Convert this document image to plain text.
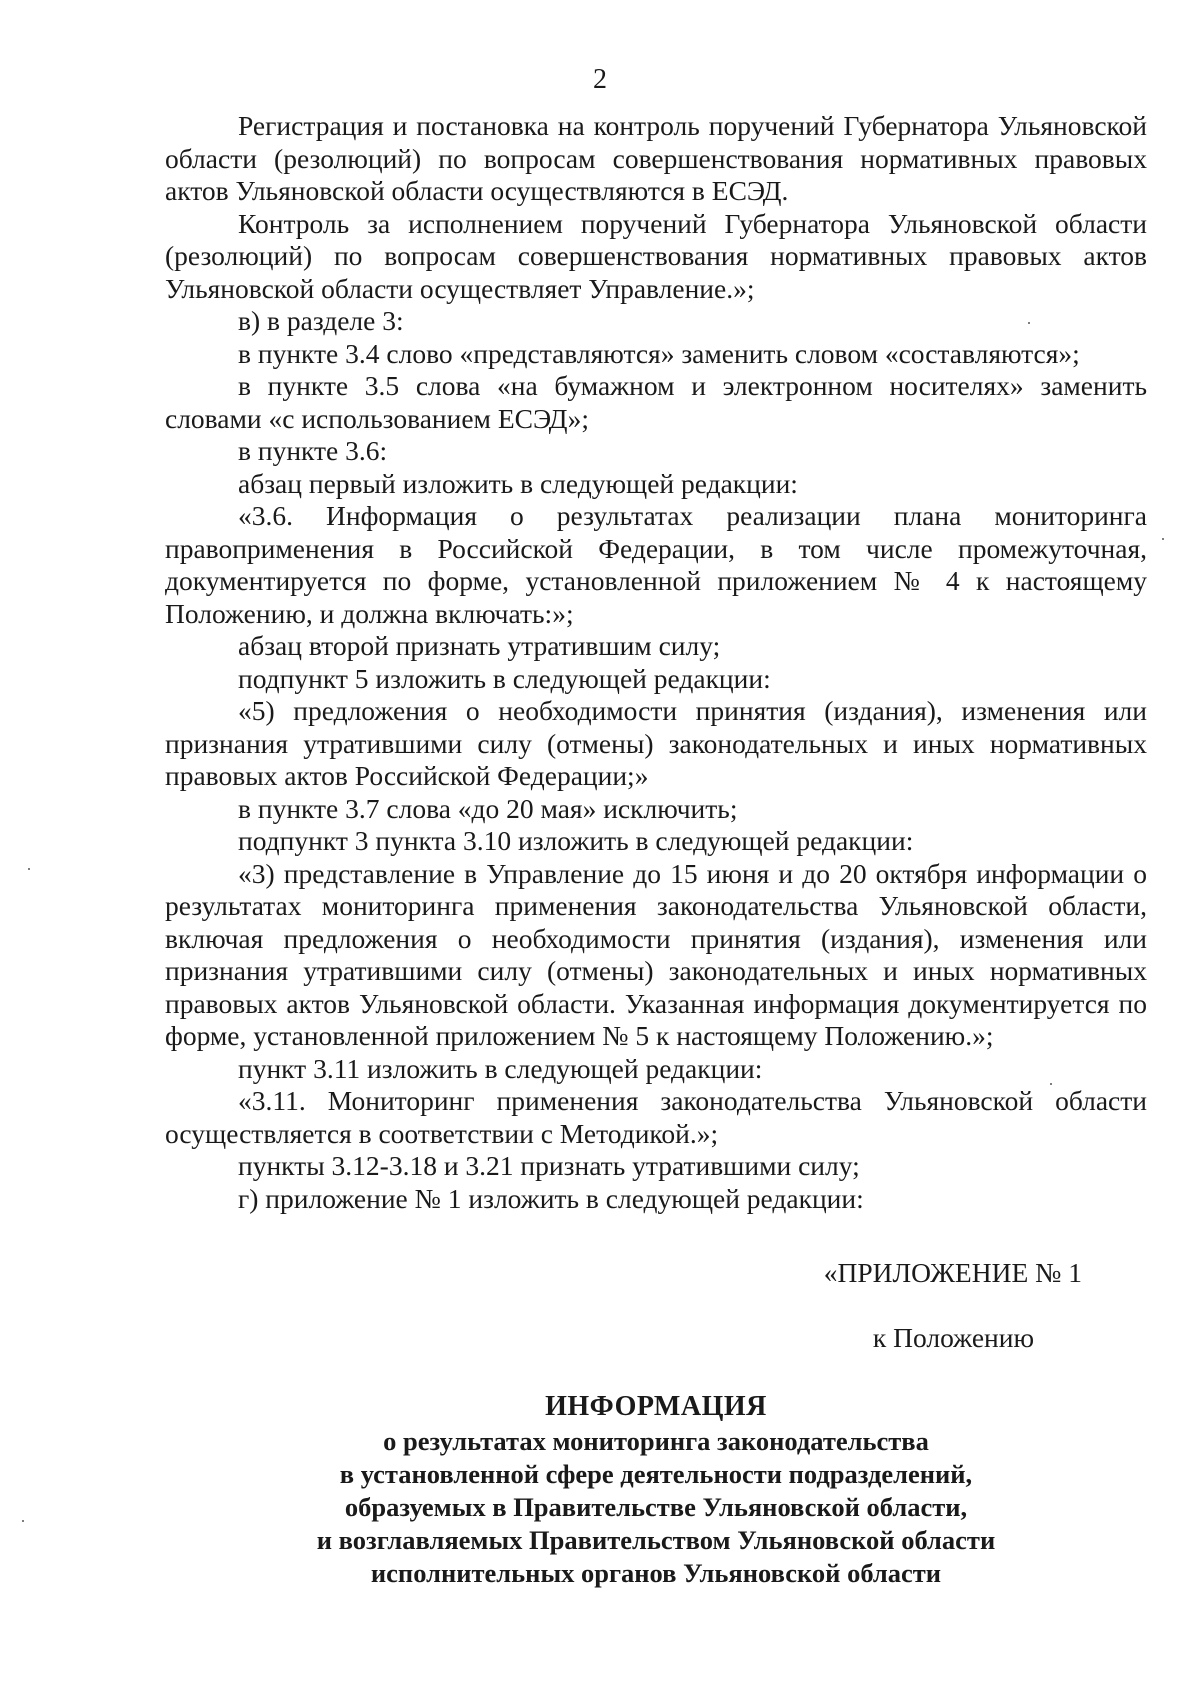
2

Регистрация и постановка на контроль поручений Губернатора Ульяновской области (резолюций) по вопросам совершенствования нормативных правовых актов Ульяновской области осуществляются в ЕСЭД.

Контроль за исполнением поручений Губернатора Ульяновской области (резолюций) по вопросам совершенствования нормативных правовых актов Ульяновской области осуществляет Управление.»;

в) в разделе 3:

в пункте 3.4 слово «представляются» заменить словом «составляются»;

в пункте 3.5 слова «на бумажном и электронном носителях» заменить словами «с использованием ЕСЭД»;

в пункте 3.6:

абзац первый изложить в следующей редакции:

«3.6. Информация о результатах реализации плана мониторинга правоприменения в Российской Федерации, в том числе промежуточная, документируется по форме, установленной приложением № 4 к настоящему Положению, и должна включать:»;

абзац второй признать утратившим силу;

подпункт 5 изложить в следующей редакции:

«5) предложения о необходимости принятия (издания), изменения или признания утратившими силу (отмены) законодательных и иных нормативных правовых актов Российской Федерации;»

в пункте 3.7 слова «до 20 мая» исключить;

подпункт 3 пункта 3.10 изложить в следующей редакции:

«3) представление в Управление до 15 июня и до 20 октября информации о результатах мониторинга применения законодательства Ульяновской области, включая предложения о необходимости принятия (издания), изменения или признания утратившими силу (отмены) законодательных и иных нормативных правовых актов Ульяновской области. Указанная информация документируется по форме, установленной приложением № 5 к настоящему Положению.»;

пункт 3.11 изложить в следующей редакции:

«3.11. Мониторинг применения законодательства Ульяновской области осуществляется в соответствии с Методикой.»;

пункты 3.12-3.18 и 3.21 признать утратившими силу;

г) приложение № 1 изложить в следующей редакции:

«ПРИЛОЖЕНИЕ № 1
к Положению
ИНФОРМАЦИЯ
о результатах мониторинга законодательства
в установленной сфере деятельности подразделений,
образуемых в Правительстве Ульяновской области,
и возглавляемых Правительством Ульяновской области
исполнительных органов Ульяновской области
